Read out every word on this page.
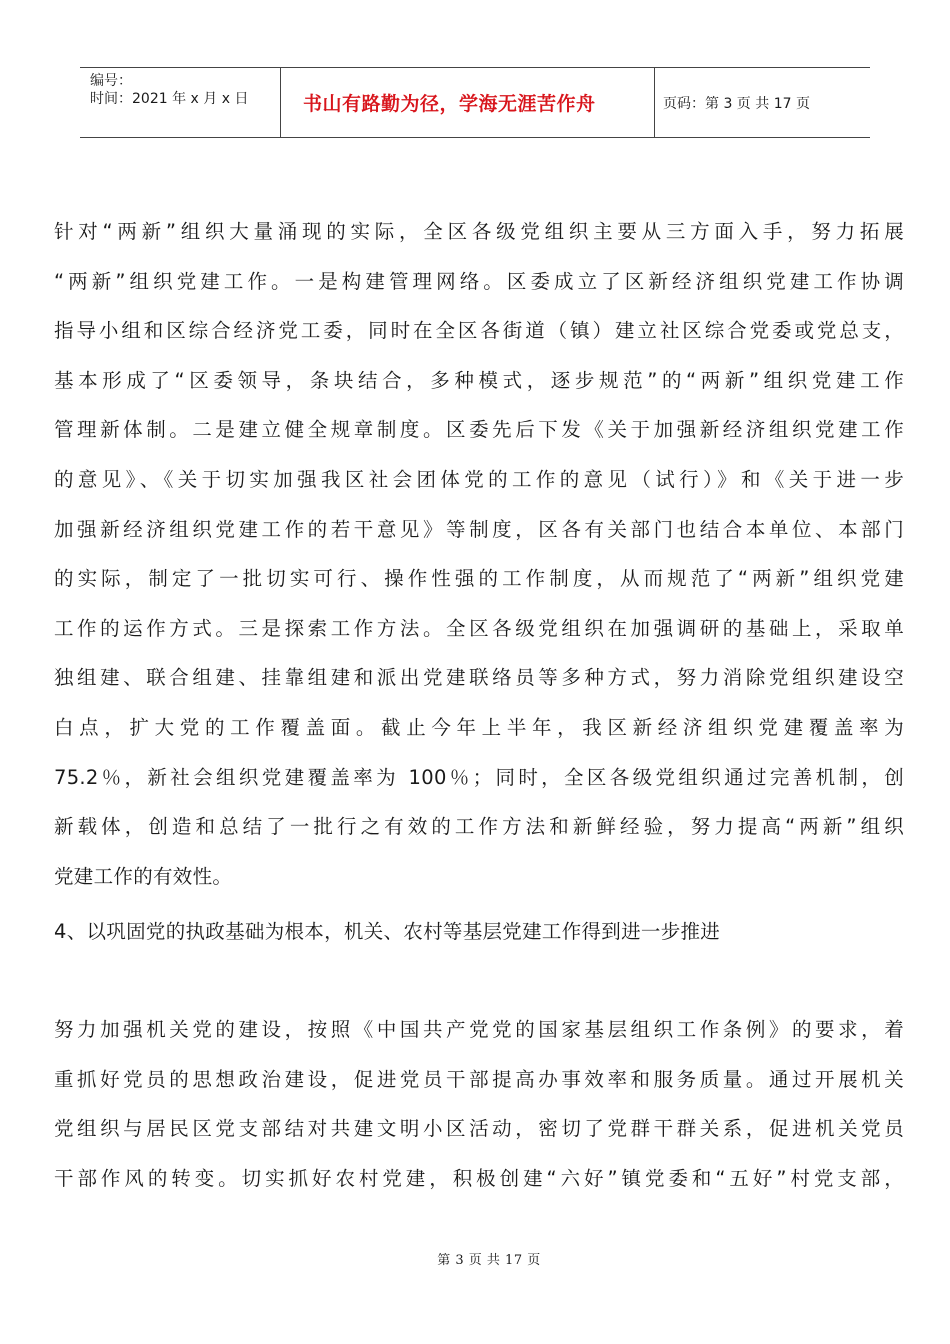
编号：
时间：2021 年 x 月 x 日	书山有路勤为径，学海无涯苦作舟	页码：第 3 页 共 17 页
针对“两新”组织大量涌现的实际，全区各级党组织主要从三方面入手，努力拓展
“两新”组织党建工作。一是构建管理网络。区委成立了区新经济组织党建工作协调
指导小组和区综合经济党工委，同时在全区各街道（镇）建立社区综合党委或党总支，
基本形成了“区委领导，条块结合，多种模式，逐步规范”的“两新”组织党建工作
管理新体制。二是建立健全规章制度。区委先后下发《关于加强新经济组织党建工作
的意见》、《关于切实加强我区社会团体党的工作的意见（试行）》和《关于进一步
加强新经济组织党建工作的若干意见》等制度，区各有关部门也结合本单位、本部门
的实际，制定了一批切实可行、操作性强的工作制度，从而规范了“两新”组织党建
工作的运作方式。三是探索工作方法。全区各级党组织在加强调研的基础上，采取单
独组建、联合组建、挂靠组建和派出党建联络员等多种方式，努力消除党组织建设空
白点，扩大党的工作覆盖面。截止今年上半年，我区新经济组织党建覆盖率为
75.2％，新社会组织党建覆盖率为 100％；同时，全区各级党组织通过完善机制，创
新载体，创造和总结了一批行之有效的工作方法和新鲜经验，努力提高“两新”组织
党建工作的有效性。
4、以巩固党的执政基础为根本，机关、农村等基层党建工作得到进一步推进
努力加强机关党的建设，按照《中国共产党党的国家基层组织工作条例》的要求，着
重抓好党员的思想政治建设，促进党员干部提高办事效率和服务质量。通过开展机关
党组织与居民区党支部结对共建文明小区活动，密切了党群干群关系，促进机关党员
干部作风的转变。切实抓好农村党建，积极创建“六好”镇党委和“五好”村党支部，
第 3 页 共 17 页
